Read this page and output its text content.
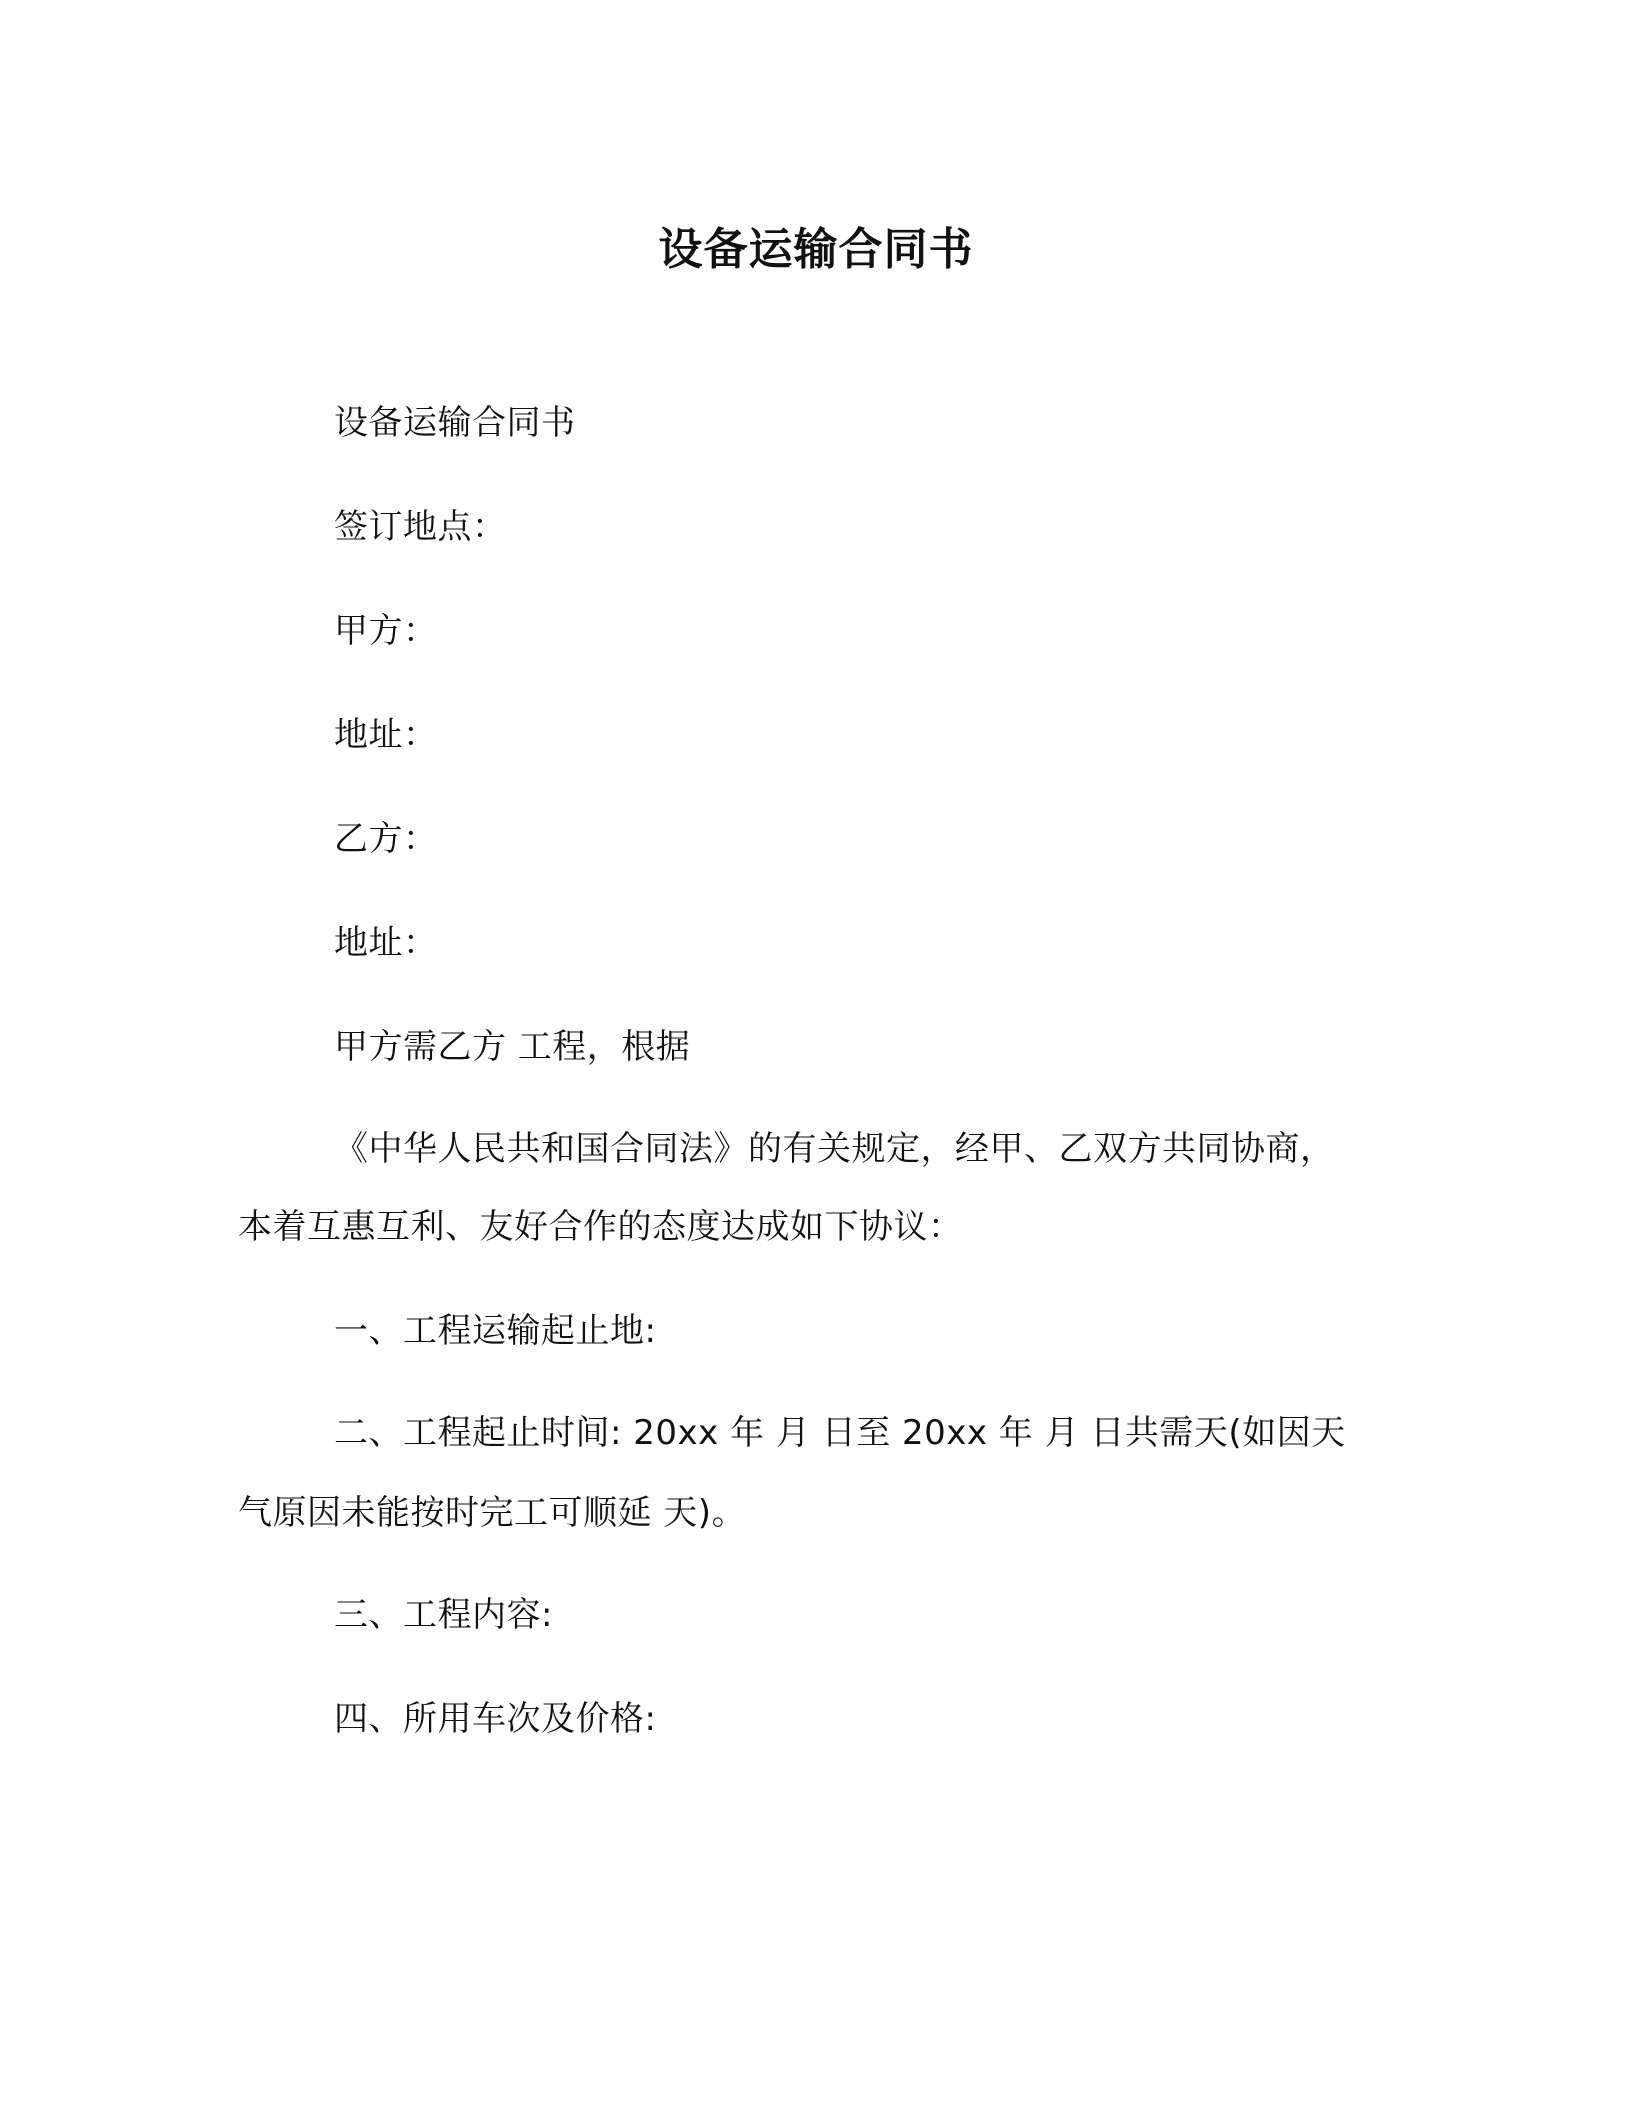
设备运输合同书
设备运输合同书
签订地点：
甲方：
地址：
乙方：
地址：
甲方需乙方 工程，根据
《中华人民共和国合同法》的有关规定，经甲、乙双方共同协商，
本着互惠互利、友好合作的态度达成如下协议：
一、工程运输起止地:
二、工程起止时间: 20xx 年 月 日至 20xx 年 月 日共需天(如因天
气原因未能按时完工可顺延 天)。
三、工程内容:
四、所用车次及价格:
